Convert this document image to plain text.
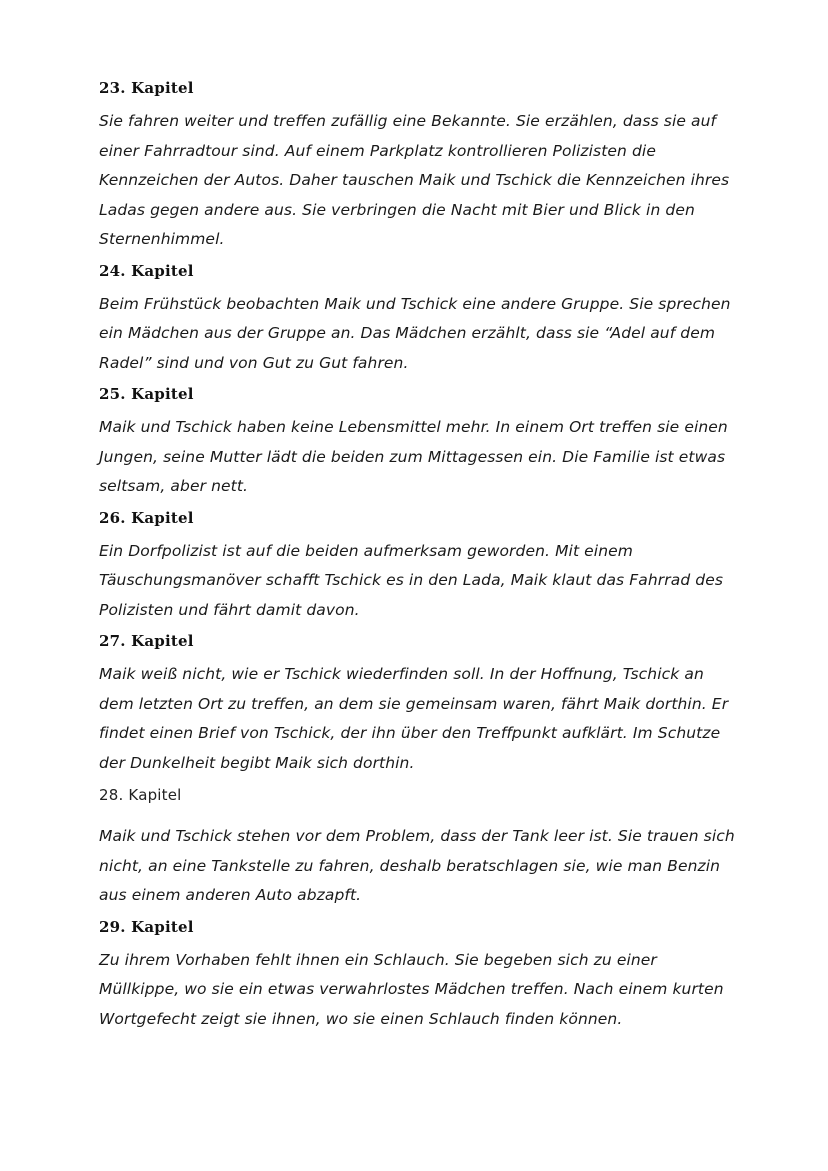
23. Kapitel

Sie fahren weiter und treffen zufällig eine Bekannte. Sie erzählen, dass sie auf einer Fahrradtour sind. Auf einem Parkplatz kontrollieren Polizisten die Kennzeichen der Autos. Daher tauschen Maik und Tschick die Kennzeichen ihres Ladas gegen andere aus. Sie verbringen die Nacht mit Bier und Blick in den Sternenhimmel.

24. Kapitel

Beim Frühstück beobachten Maik und Tschick eine andere Gruppe. Sie sprechen ein Mädchen aus der Gruppe an. Das Mädchen erzählt, dass sie “Adel auf dem Radel” sind und von Gut zu Gut fahren.

25. Kapitel

Maik und Tschick haben keine Lebensmittel mehr. In einem Ort treffen sie einen Jungen, seine Mutter lädt die beiden zum Mittagessen ein. Die Familie ist etwas seltsam, aber nett.

26. Kapitel

Ein Dorfpolizist ist auf die beiden aufmerksam geworden. Mit einem Täuschungsmanöver schafft Tschick es in den Lada, Maik klaut das Fahrrad des Polizisten und fährt damit davon.

27. Kapitel

Maik weiß nicht, wie er Tschick wiederfinden soll. In der Hoffnung, Tschick an dem letzten Ort zu treffen, an dem sie gemeinsam waren, fährt Maik dorthin. Er findet einen Brief von Tschick, der ihn über den Treffpunkt aufklärt. Im Schutze der Dunkelheit begibt Maik sich dorthin.

28. Kapitel

Maik und Tschick stehen vor dem Problem, dass der Tank leer ist. Sie trauen sich nicht, an eine Tankstelle zu fahren, deshalb beratschlagen sie, wie man Benzin aus einem anderen Auto abzapft.

29. Kapitel

Zu ihrem Vorhaben fehlt ihnen ein Schlauch. Sie begeben sich zu einer Müllkippe, wo sie ein etwas verwahrlostes Mädchen treffen. Nach einem kurten Wortgefecht zeigt sie ihnen, wo sie einen Schlauch finden können.
